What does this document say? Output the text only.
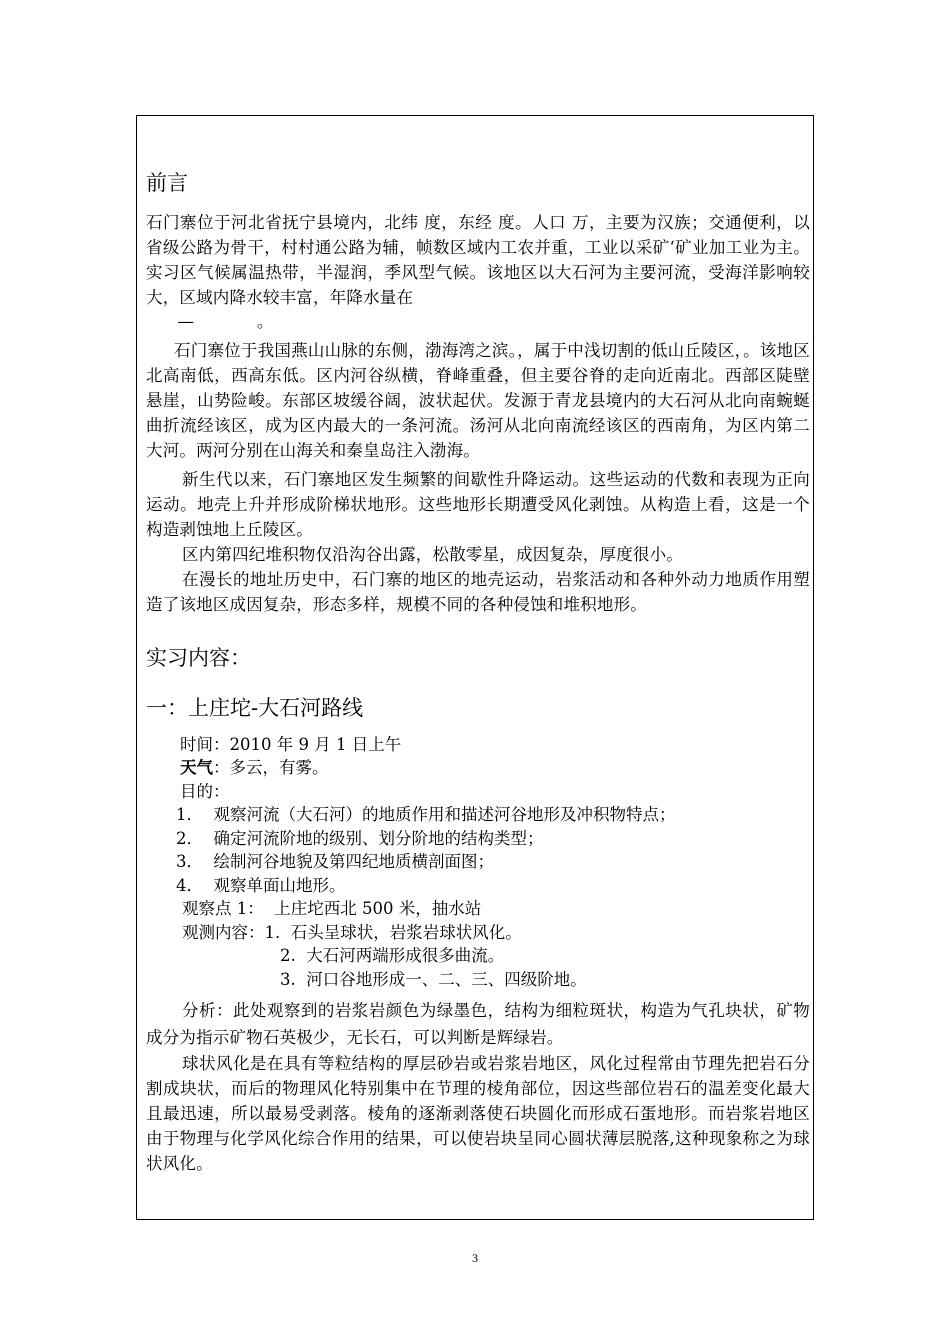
前言

石门寨位于河北省抚宁县境内，北纬 度，东经 度。人口 万，主要为汉族；交通便利，以省级公路为骨干，村村通公路为辅，帧数区域内工农并重，工业以采矿‘矿业加工业为主。实习区气候属温热带，半湿润，季风型气候。该地区以大石河为主要河流，受海洋影响较大，区域内降水较丰富，年降水量在

—            。

石门寨位于我国燕山山脉的东侧，渤海湾之滨。，属于中浅切割的低山丘陵区，。该地区北高南低，西高东低。区内河谷纵横，脊峰重叠，但主要谷脊的走向近南北。西部区陡壁悬崖，山势险峻。东部区坡缓谷阔，波状起伏。发源于青龙县境内的大石河从北向南蜿蜒曲折流经该区，成为区内最大的一条河流。汤河从北向南流经该区的西南角，为区内第二大河。两河分别在山海关和秦皇岛注入渤海。

新生代以来，石门寨地区发生频繁的间歇性升降运动。这些运动的代数和表现为正向运动。地壳上升并形成阶梯状地形。这些地形长期遭受风化剥蚀。从构造上看，这是一个构造剥蚀地上丘陵区。

区内第四纪堆积物仅沿沟谷出露，松散零星，成因复杂，厚度很小。

在漫长的地址历史中，石门寨的地区的地壳运动，岩浆活动和各种外动力地质作用塑造了该地区成因复杂，形态多样，规模不同的各种侵蚀和堆积地形。

实习内容：
一：上庄坨-大石河路线

时间：2010 年 9 月 1 日上午

天气：多云，有雾。

目的：

1．  观察河流（大石河）的地质作用和描述河谷地形及冲积物特点；

2．  确定河流阶地的级别、划分阶地的结构类型；

3．  绘制河谷地貌及第四纪地质横剖面图；

4．  观察单面山地形。

观察点 1：  上庄坨西北 500 米，抽水站

观测内容：1.  石头呈球状，岩浆岩球状风化。

2.  大石河两端形成很多曲流。

3.  河口谷地形成一、二、三、四级阶地。

分析：此处观察到的岩浆岩颜色为绿墨色，结构为细粒斑状，构造为气孔块状，矿物成分为指示矿物石英极少，无长石，可以判断是辉绿岩。

球状风化是在具有等粒结构的厚层砂岩或岩浆岩地区，风化过程常由节理先把岩石分割成块状，而后的物理风化特别集中在节理的棱角部位，因这些部位岩石的温差变化最大且最迅速，所以最易受剥落。棱角的逐渐剥落使石块圆化而形成石蛋地形。而岩浆岩地区由于物理与化学风化综合作用的结果，可以使岩块呈同心圆状薄层脱落,这种现象称之为球状风化。

3
